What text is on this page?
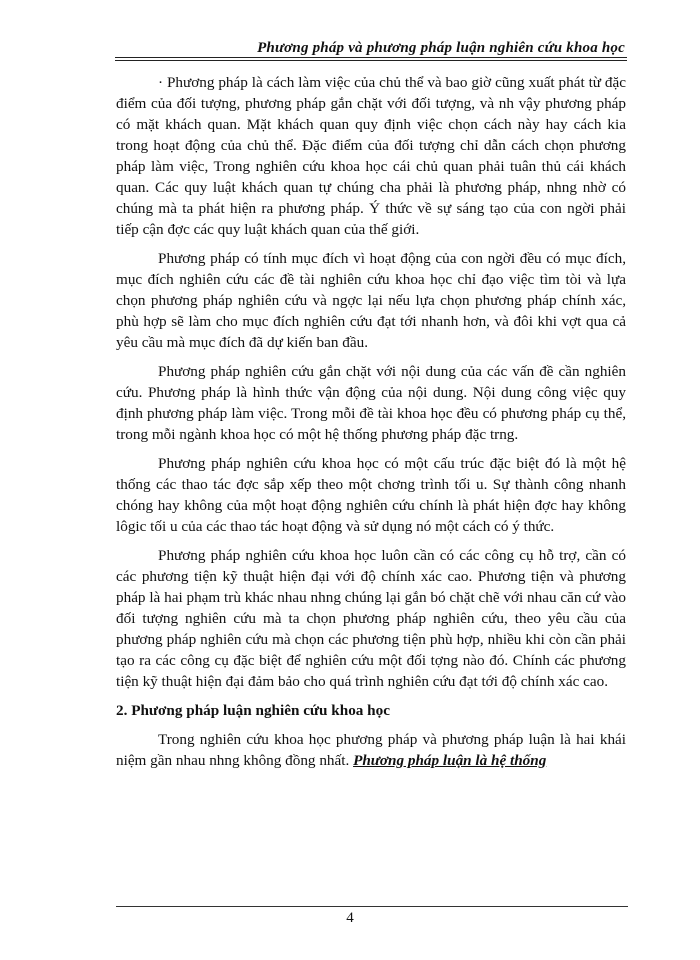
Phương pháp và phương pháp luận nghiên cứu khoa học

· Phương pháp là cách làm việc của chủ thể và bao giờ cũng xuất phát từ đặc điểm của đối tượng, phương pháp gắn chặt với đối tượng, và nh vậy phương pháp có mặt khách quan. Mặt khách quan quy định việc chọn cách này hay cách kia trong hoạt động của chủ thể. Đặc điểm của đối tượng chỉ dẫn cách chọn phương pháp làm việc, Trong nghiên cứu khoa học cái chủ quan phải tuân thủ cái khách quan. Các quy luật khách quan tự chúng cha phải là phương pháp, nhng nhờ có chúng mà ta phát hiện ra phương pháp. Ý thức về sự sáng tạo của con ngời phải tiếp cận đợc các quy luật khách quan của thế giới.

Phương pháp có tính mục đích vì hoạt động của con ngời đều có mục đích, mục đích nghiên cứu các đề tài nghiên cứu khoa học chỉ đạo việc tìm tòi và lựa chọn phương pháp nghiên cứu và ngợc lại nếu lựa chọn phương pháp chính xác, phù hợp sẽ làm cho mục đích nghiên cứu đạt tới nhanh hơn, và đôi khi vợt qua cả yêu cầu mà mục đích đã dự kiến ban đầu.

Phương pháp nghiên cứu gắn chặt với nội dung của các vấn đề cần nghiên cứu. Phương pháp là hình thức vận động của nội dung. Nội dung công việc quy định phương pháp làm việc. Trong mỗi đề tài khoa học đều có phương pháp cụ thể, trong mỗi ngành khoa học có một hệ thống phương pháp đặc trng.

Phương pháp nghiên cứu khoa học có một cấu trúc đặc biệt đó là một hệ thống các thao tác đợc sắp xếp theo một chơng trình tối u. Sự thành công nhanh chóng hay không của một hoạt động nghiên cứu chính là phát hiện đợc hay không lôgic tối u của các thao tác hoạt động và sử dụng nó một cách có ý thức.

Phương pháp nghiên cứu khoa học luôn cần có các công cụ hỗ trợ, cần có các phương tiện kỹ thuật hiện đại với độ chính xác cao. Phương tiện và phương pháp là hai phạm trù khác nhau nhng chúng lại gắn bó chặt chẽ với nhau căn cứ vào đối tượng nghiên cứu mà ta chọn phương pháp nghiên cứu, theo yêu cầu của phương pháp nghiên cứu mà chọn các phương tiện phù hợp, nhiều khi còn cần phải tạo ra các công cụ đặc biệt để nghiên cứu một đối tợng nào đó. Chính các phương tiện kỹ thuật hiện đại đảm bảo cho quá trình nghiên cứu đạt tới độ chính xác cao.

2. Phương pháp luận nghiên cứu khoa học

Trong nghiên cứu khoa học phương pháp và phương pháp luận là hai khái niệm gần nhau nhng không đồng nhất. Phương pháp luận là hệ thống

4
